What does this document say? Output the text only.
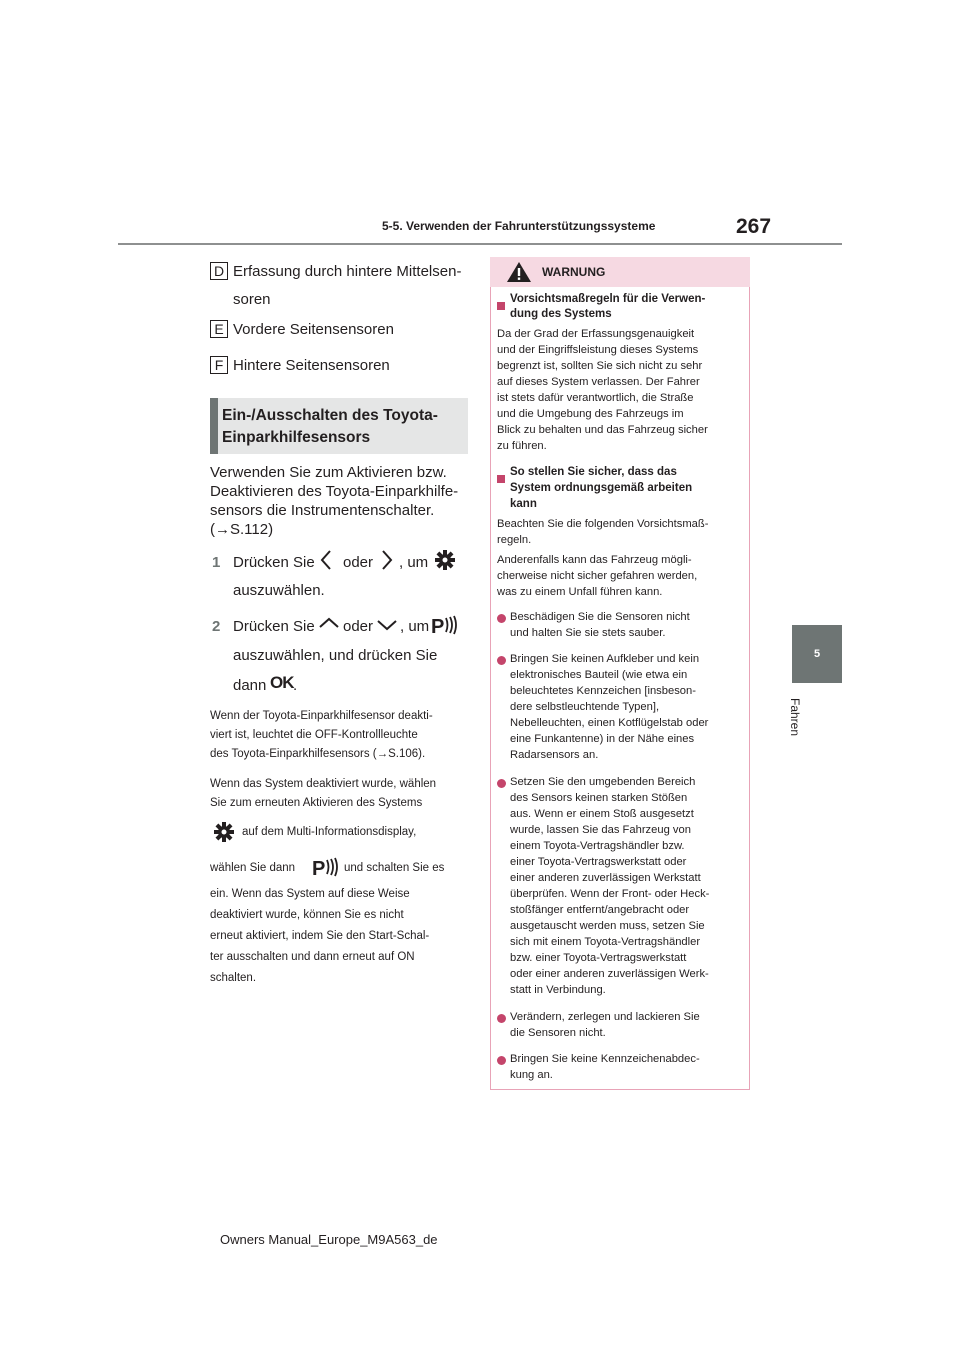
5-5. Verwenden der Fahrunterstützungssysteme	267
5
Fahren
D Erfassung durch hintere Mittelsen-
soren
E Vordere Seitensensoren
F Hintere Seitensensoren
Ein-/Ausschalten des Toyota-
Einparkhilfesensors
Verwenden Sie zum Aktivieren bzw.
Deaktivieren des Toyota-Einparkhilfe-
sensors die Instrumentenschalter.
(→S.112)
1 Drücken Sie oder , um
auszuwählen.
2 Drücken Sie oder , um P
auszuwählen, und drücken Sie
dann OK .
Wenn der Toyota-Einparkhilfesensor deakti-
viert ist, leuchtet die OFF-Kontrollleuchte
des Toyota-Einparkhilfesensors (→S.106).
Wenn das System deaktiviert wurde, wählen
Sie zum erneuten Aktivieren des Systems
auf dem Multi-Informationsdisplay,
wählen Sie dann P und schalten Sie es
ein. Wenn das System auf diese Weise
deaktiviert wurde, können Sie es nicht
erneut aktiviert, indem Sie den Start-Schal-
ter ausschalten und dann erneut auf ON
schalten.
WARNUNG
Vorsichtsmaßregeln für die Verwen-
dung des Systems
Da der Grad der Erfassungsgenauigkeit
und der Eingriffsleistung dieses Systems
begrenzt ist, sollten Sie sich nicht zu sehr
auf dieses System verlassen. Der Fahrer
ist stets dafür verantwortlich, die Straße
und die Umgebung des Fahrzeugs im
Blick zu behalten und das Fahrzeug sicher
zu führen.
So stellen Sie sicher, dass das
System ordnungsgemäß arbeiten
kann
Beachten Sie die folgenden Vorsichtsmaß-
regeln.
Anderenfalls kann das Fahrzeug mögli-
cherweise nicht sicher gefahren werden,
was zu einem Unfall führen kann.
Beschädigen Sie die Sensoren nicht
und halten Sie sie stets sauber.
Bringen Sie keinen Aufkleber und kein
elektronisches Bauteil (wie etwa ein
beleuchtetes Kennzeichen [insbeson-
dere selbstleuchtende Typen],
Nebelleuchten, einen Kotflügelstab oder
eine Funkantenne) in der Nähe eines
Radarsensors an.
Setzen Sie den umgebenden Bereich
des Sensors keinen starken Stößen
aus. Wenn er einem Stoß ausgesetzt
wurde, lassen Sie das Fahrzeug von
einem Toyota-Vertragshändler bzw.
einer Toyota-Vertragswerkstatt oder
einer anderen zuverlässigen Werkstatt
überprüfen. Wenn der Front- oder Heck-
stoßfänger entfernt/angebracht oder
ausgetauscht werden muss, setzen Sie
sich mit einem Toyota-Vertragshändler
bzw. einer Toyota-Vertragswerkstatt
oder einer anderen zuverlässigen Werk-
statt in Verbindung.
Verändern, zerlegen und lackieren Sie
die Sensoren nicht.
Bringen Sie keine Kennzeichenabdec-
kung an.
Owners Manual_Europe_M9A563_de
